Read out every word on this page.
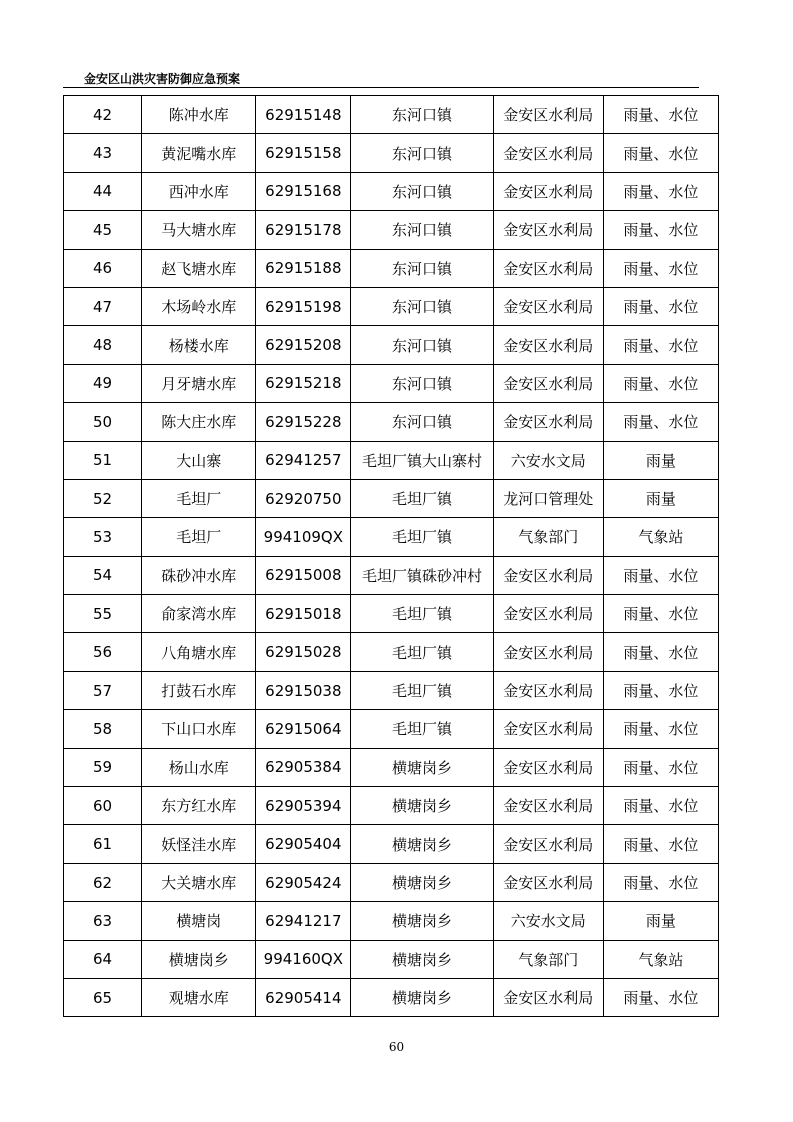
金安区山洪灾害防御应急预案
42	陈冲水库	62915148	东河口镇	金安区水利局	雨量、水位
43	黄泥嘴水库	62915158	东河口镇	金安区水利局	雨量、水位
44	西冲水库	62915168	东河口镇	金安区水利局	雨量、水位
45	马大塘水库	62915178	东河口镇	金安区水利局	雨量、水位
46	赵飞塘水库	62915188	东河口镇	金安区水利局	雨量、水位
47	木场岭水库	62915198	东河口镇	金安区水利局	雨量、水位
48	杨楼水库	62915208	东河口镇	金安区水利局	雨量、水位
49	月牙塘水库	62915218	东河口镇	金安区水利局	雨量、水位
50	陈大庄水库	62915228	东河口镇	金安区水利局	雨量、水位
51	大山寨	62941257	毛坦厂镇大山寨村	六安水文局	雨量
52	毛坦厂	62920750	毛坦厂镇	龙河口管理处	雨量
53	毛坦厂	994109QX	毛坦厂镇	气象部门	气象站
54	硃砂冲水库	62915008	毛坦厂镇硃砂冲村	金安区水利局	雨量、水位
55	俞家湾水库	62915018	毛坦厂镇	金安区水利局	雨量、水位
56	八角塘水库	62915028	毛坦厂镇	金安区水利局	雨量、水位
57	打鼓石水库	62915038	毛坦厂镇	金安区水利局	雨量、水位
58	下山口水库	62915064	毛坦厂镇	金安区水利局	雨量、水位
59	杨山水库	62905384	横塘岗乡	金安区水利局	雨量、水位
60	东方红水库	62905394	横塘岗乡	金安区水利局	雨量、水位
61	妖怪洼水库	62905404	横塘岗乡	金安区水利局	雨量、水位
62	大关塘水库	62905424	横塘岗乡	金安区水利局	雨量、水位
63	横塘岗	62941217	横塘岗乡	六安水文局	雨量
64	横塘岗乡	994160QX	横塘岗乡	气象部门	气象站
65	观塘水库	62905414	横塘岗乡	金安区水利局	雨量、水位
60
